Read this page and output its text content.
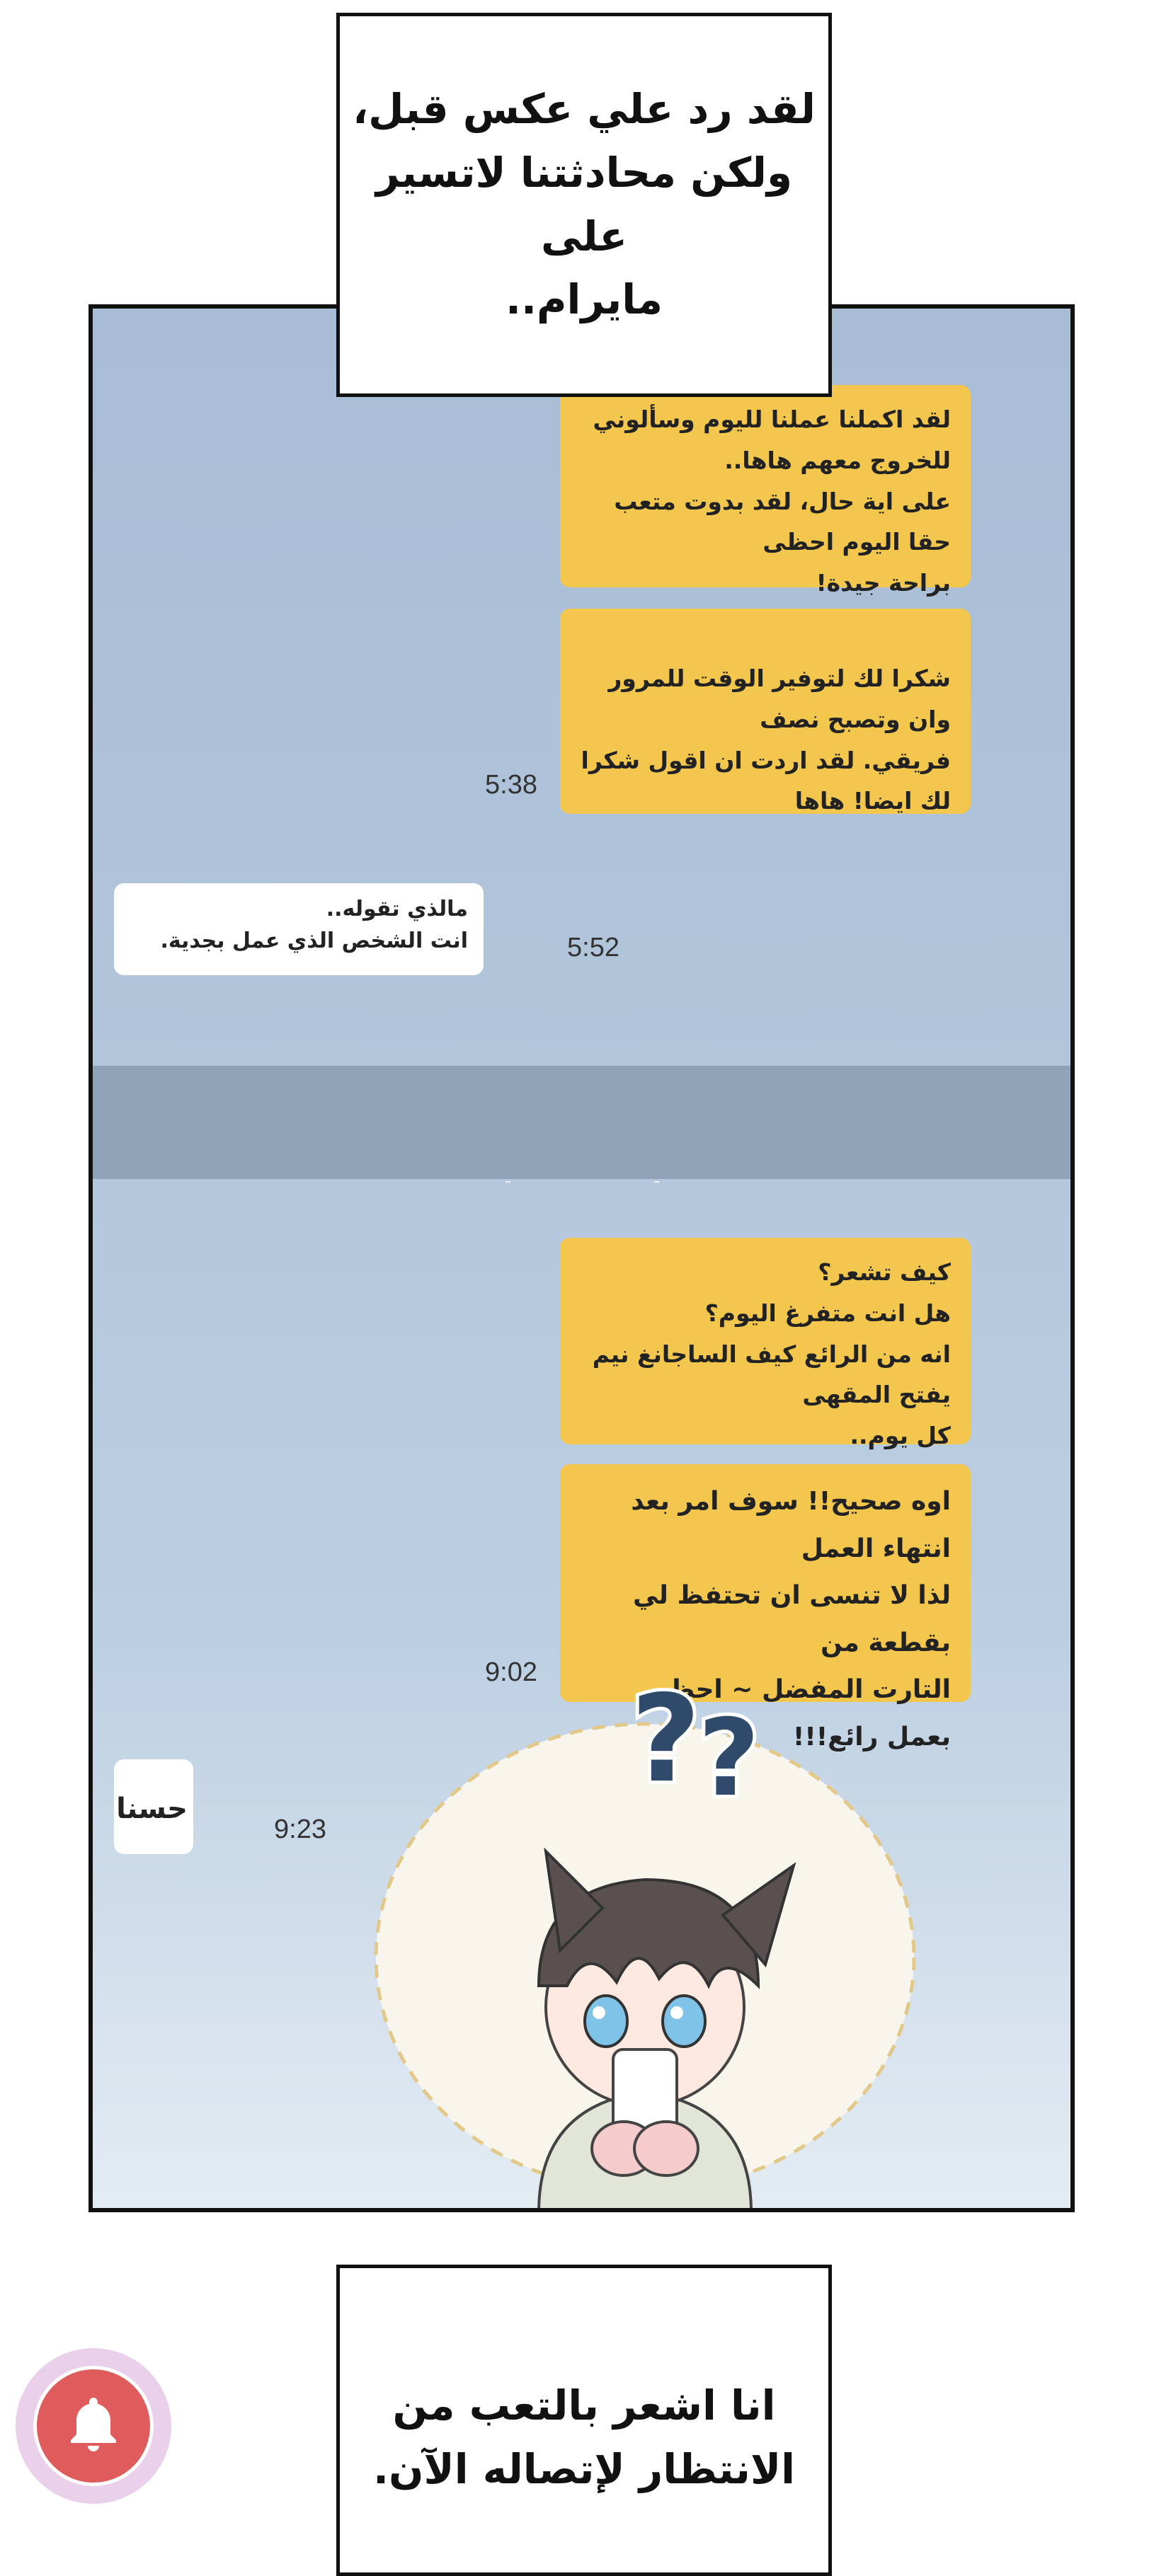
لقد رد علي عكس قبل،
ولكن محادثتنا لاتسير على
مايرام..
لقد اكملنا عملنا لليوم وسألوني للخروج معهم هاها..
على اية حال، لقد بدوت متعب حقا اليوم احظى
براحة جيدة!
شكرا لك لتوفير الوقت للمرور وان وتصبح نصف
فريقي. لقد اردت ان اقول شكرا لك ايضا! هاها
5:38
مالذي تقوله..
انت الشخص الذي عمل بجدية.	5:52
-	-
كيف تشعر؟
هل انت متفرغ اليوم؟
انه من الرائع كيف الساجانغ نيم يفتح المقهى
كل يوم..
اوه صحيح!! سوف امر بعد انتهاء العمل
لذا لا تنسى ان تحتفظ لي بقطعة من
التارت المفضل ~ احظى بعمل رائع!!!
9:02
حسنا
9:23
?
?
انا اشعر بالتعب من
الانتظار لإتصاله الآن.
